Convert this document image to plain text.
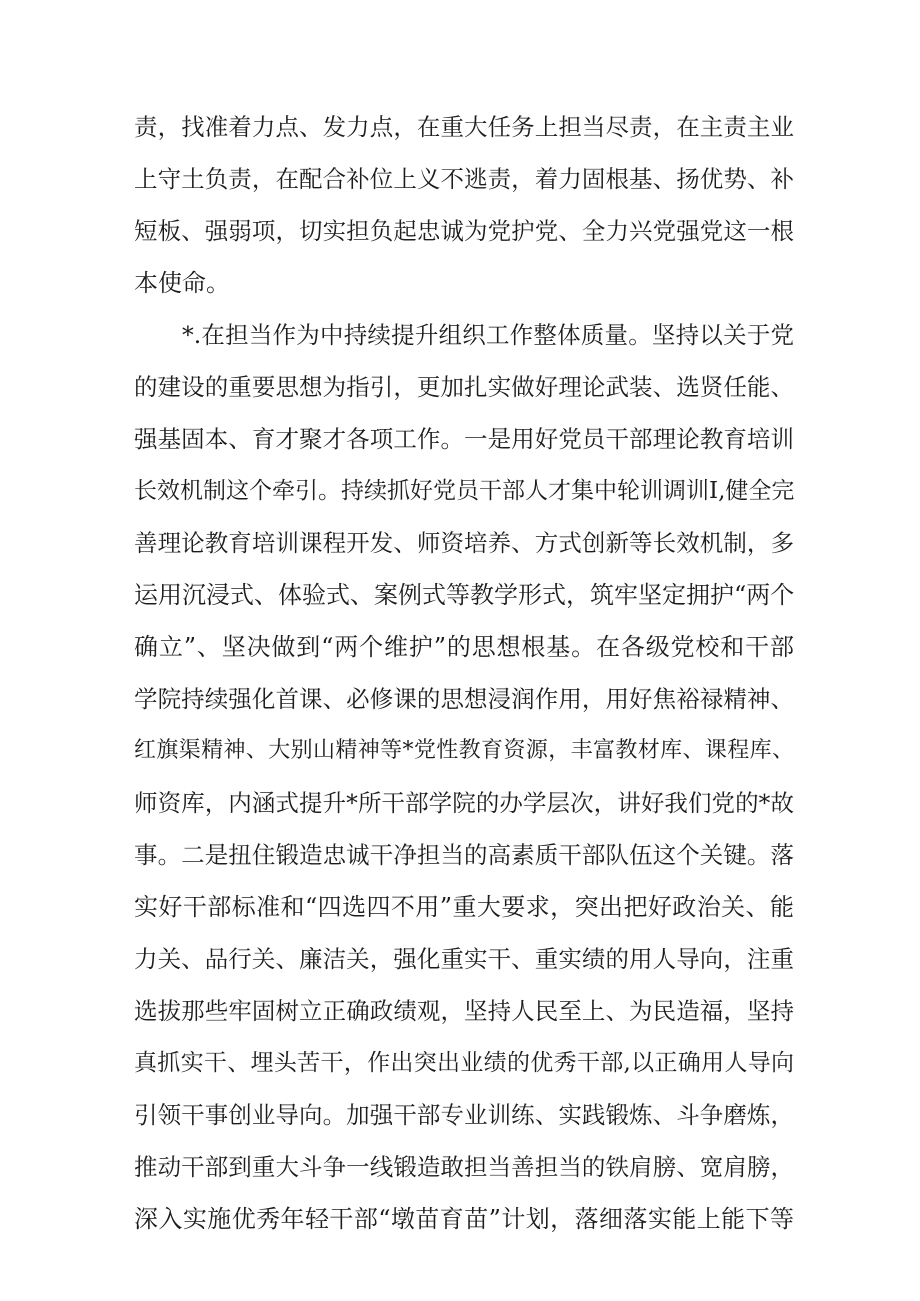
责，找准着力点、发力点，在重大任务上担当尽责，在主责主业
上守土负责，在配合补位上义不逃责，着力固根基、扬优势、补
短板、强弱项，切实担负起忠诚为党护党、全力兴党强党这一根
本使命。
*.在担当作为中持续提升组织工作整体质量。坚持以关于党
的建设的重要思想为指引，更加扎实做好理论武装、选贤任能、
强基固本、育才聚才各项工作。一是用好党员干部理论教育培训
长效机制这个牵引。持续抓好党员干部人才集中轮训调训I,健全完
善理论教育培训课程开发、师资培养、方式创新等长效机制，多
运用沉浸式、体验式、案例式等教学形式，筑牢坚定拥护“两个
确立”、坚决做到“两个维护”的思想根基。在各级党校和干部
学院持续强化首课、必修课的思想浸润作用，用好焦裕禄精神、
红旗渠精神、大别山精神等*党性教育资源，丰富教材库、课程库、
师资库，内涵式提升*所干部学院的办学层次，讲好我们党的*故
事。二是扭住锻造忠诚干净担当的高素质干部队伍这个关键。落
实好干部标准和“四选四不用”重大要求，突出把好政治关、能
力关、品行关、廉洁关，强化重实干、重实绩的用人导向，注重
选拔那些牢固树立正确政绩观，坚持人民至上、为民造福，坚持
真抓实干、埋头苦干，作出突出业绩的优秀干部,以正确用人导向
引领干事创业导向。加强干部专业训练、实践锻炼、斗争磨炼，
推动干部到重大斗争一线锻造敢担当善担当的铁肩膀、宽肩膀，
深入实施优秀年轻干部“墩苗育苗”计划，落细落实能上能下等
